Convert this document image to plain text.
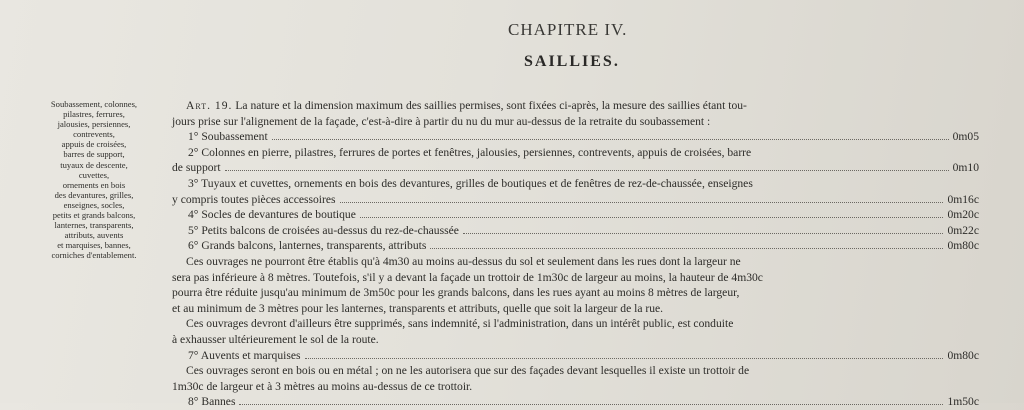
CHAPITRE IV.
SAILLIES.
Soubassement, colonnes,
pilastres, ferrures,
jalousies, persiennes,
contrevents,
appuis de croisées,
barres de support,
tuyaux de descente,
cuvettes,
ornements en bois
des devantures, grilles,
enseignes, socles,
petits et grands balcons,
lanternes, transparents,
attributs, auvents
et marquises, bannes,
corniches d'entablement.
Art. 19. La nature et la dimension maximum des saillies permises, sont fixées ci-après, la mesure des saillies étant tou-
jours prise sur l'alignement de la façade, c'est-à-dire à partir du nu du mur au-dessus de la retraite du soubassement :
1° Soubassement	0m05
2° Colonnes en pierre, pilastres, ferrures de portes et fenêtres, jalousies, persiennes, contrevents, appuis de croisées, barre
de support	0m10
3° Tuyaux et cuvettes, ornements en bois des devantures, grilles de boutiques et de fenêtres de rez-de-chaussée, enseignes
y compris toutes pièces accessoires	0m16c
4° Socles de devantures de boutique	0m20c
5° Petits balcons de croisées au-dessus du rez-de-chaussée	0m22c
6° Grands balcons, lanternes, transparents, attributs	0m80c
Ces ouvrages ne pourront être établis qu'à 4m30 au moins au-dessus du sol et seulement dans les rues dont la largeur ne
sera pas inférieure à 8 mètres. Toutefois, s'il y a devant la façade un trottoir de 1m30c de largeur au moins, la hauteur de 4m30c
pourra être réduite jusqu'au minimum de 3m50c pour les grands balcons, dans les rues ayant au moins 8 mètres de largeur,
et au minimum de 3 mètres pour les lanternes, transparents et attributs, quelle que soit la largeur de la rue.
Ces ouvrages devront d'ailleurs être supprimés, sans indemnité, si l'administration, dans un intérêt public, est conduite
à exhausser ultérieurement le sol de la route.
7° Auvents et marquises	0m80c
Ces ouvrages seront en bois ou en métal ; on ne les autorisera que sur des façades devant lesquelles il existe un trottoir de
1m30c de largeur et à 3 mètres au moins au-dessus de ce trottoir.
8° Bannes	1m50c
